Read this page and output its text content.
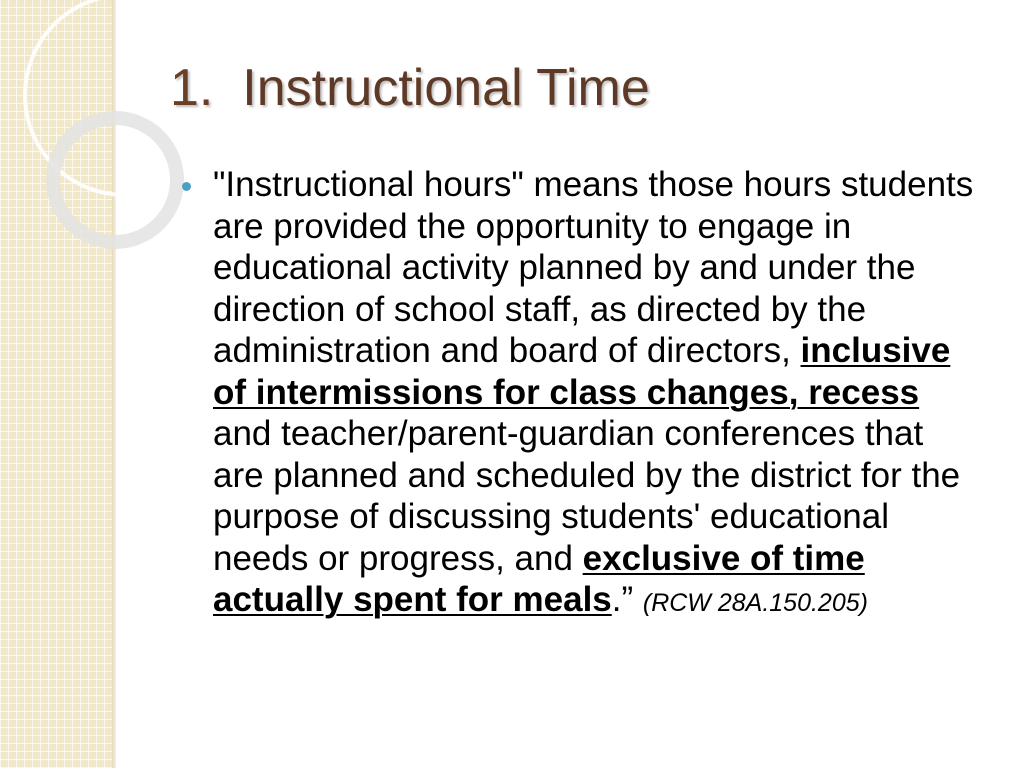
1. Instructional Time

"Instructional hours" means those hours students are provided the opportunity to engage in educational activity planned by and under the direction of school staff, as directed by the administration and board of directors, inclusive of intermissions for class changes, recess and teacher/parent-guardian conferences that are planned and scheduled by the district for the purpose of discussing students' educational needs or progress, and exclusive of time actually spent for meals.” (RCW 28A.150.205)
